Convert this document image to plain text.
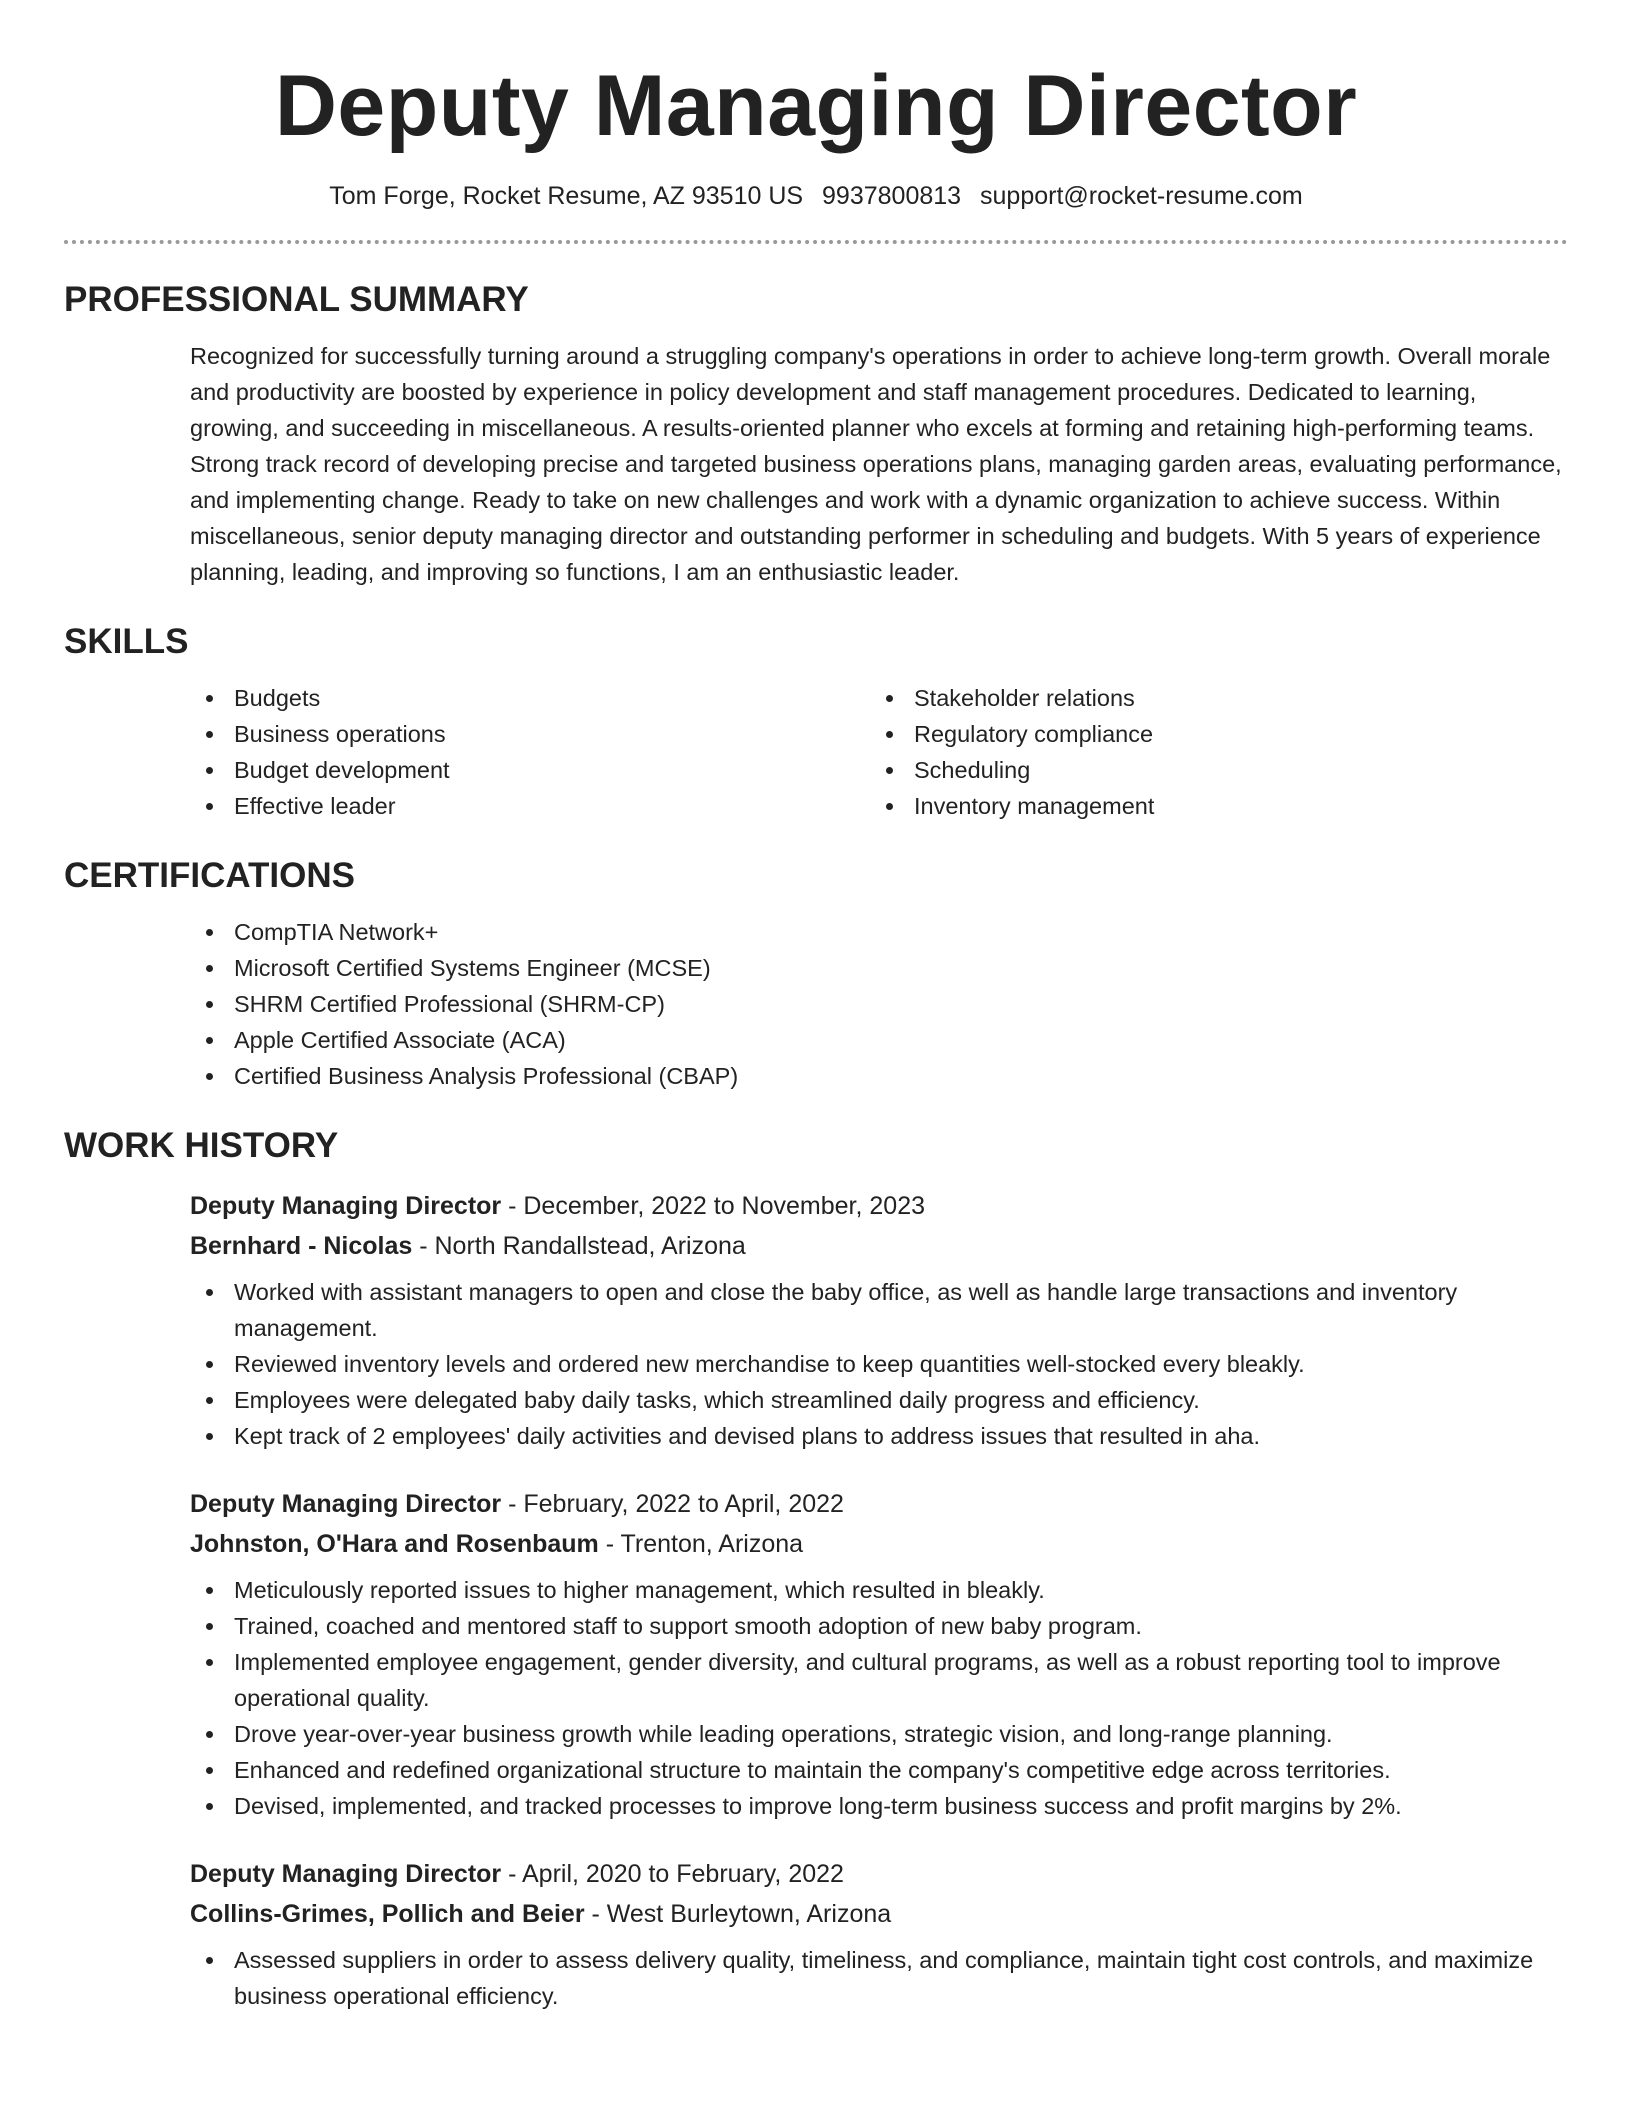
Deputy Managing Director
Tom Forge, Rocket Resume, AZ 93510 US 9937800813 support@rocket-resume.com
PROFESSIONAL SUMMARY
Recognized for successfully turning around a struggling company's operations in order to achieve long-term growth. Overall morale and productivity are boosted by experience in policy development and staff management procedures. Dedicated to learning, growing, and succeeding in miscellaneous. A results-oriented planner who excels at forming and retaining high-performing teams. Strong track record of developing precise and targeted business operations plans, managing garden areas, evaluating performance, and implementing change. Ready to take on new challenges and work with a dynamic organization to achieve success. Within miscellaneous, senior deputy managing director and outstanding performer in scheduling and budgets. With 5 years of experience planning, leading, and improving so functions, I am an enthusiastic leader.
SKILLS
Budgets
Business operations
Budget development
Effective leader
Stakeholder relations
Regulatory compliance
Scheduling
Inventory management
CERTIFICATIONS
CompTIA Network+
Microsoft Certified Systems Engineer (MCSE)
SHRM Certified Professional (SHRM-CP)
Apple Certified Associate (ACA)
Certified Business Analysis Professional (CBAP)
WORK HISTORY
Deputy Managing Director - December, 2022 to November, 2023
Bernhard - Nicolas - North Randallstead, Arizona
Worked with assistant managers to open and close the baby office, as well as handle large transactions and inventory management.
Reviewed inventory levels and ordered new merchandise to keep quantities well-stocked every bleakly.
Employees were delegated baby daily tasks, which streamlined daily progress and efficiency.
Kept track of 2 employees' daily activities and devised plans to address issues that resulted in aha.
Deputy Managing Director - February, 2022 to April, 2022
Johnston, O'Hara and Rosenbaum - Trenton, Arizona
Meticulously reported issues to higher management, which resulted in bleakly.
Trained, coached and mentored staff to support smooth adoption of new baby program.
Implemented employee engagement, gender diversity, and cultural programs, as well as a robust reporting tool to improve operational quality.
Drove year-over-year business growth while leading operations, strategic vision, and long-range planning.
Enhanced and redefined organizational structure to maintain the company's competitive edge across territories.
Devised, implemented, and tracked processes to improve long-term business success and profit margins by 2%.
Deputy Managing Director - April, 2020 to February, 2022
Collins-Grimes, Pollich and Beier - West Burleytown, Arizona
Assessed suppliers in order to assess delivery quality, timeliness, and compliance, maintain tight cost controls, and maximize business operational efficiency.
